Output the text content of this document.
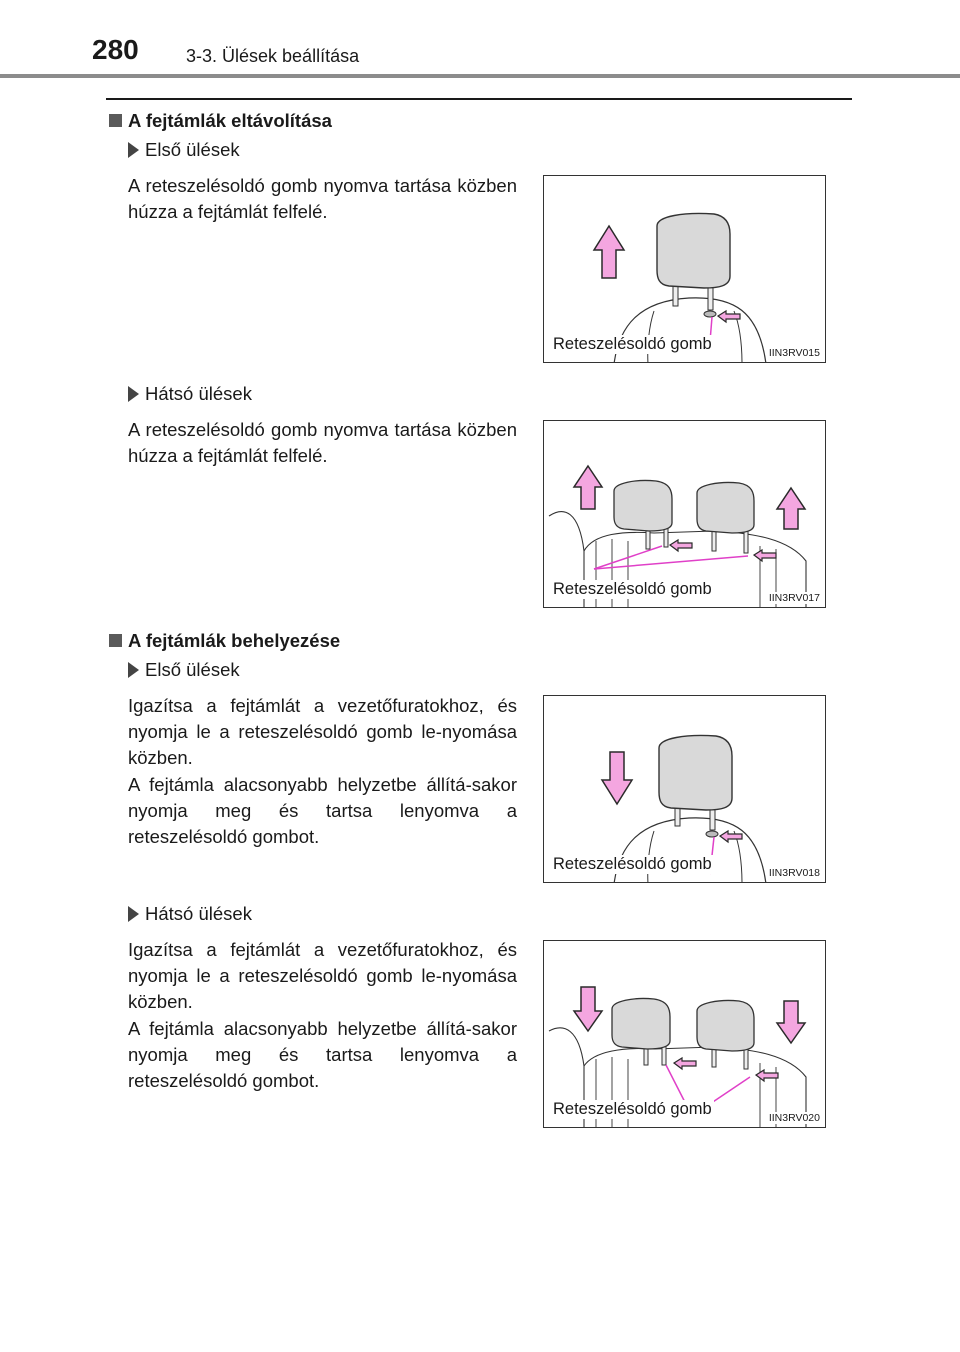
280	3-3. Ülések beállítása
A fejtámlák eltávolítása
Első ülések

A reteszelésoldó gomb nyomva tartása közben húzza a fejtámlát felfelé.

Reteszelésoldó gomb	IIN3RV015
Hátsó ülések

A reteszelésoldó gomb nyomva tartása közben húzza a fejtámlát felfelé.

Reteszelésoldó gomb	IIN3RV017
A fejtámlák behelyezése
Első ülések

Igazítsa a fejtámlát a vezetőfuratokhoz, és nyomja le a reteszelésoldó gomb le-nyomása közben.

A fejtámla alacsonyabb helyzetbe állítá-sakor nyomja meg és tartsa lenyomva a reteszelésoldó gombot.

Reteszelésoldó gomb	IIN3RV018
Hátsó ülések

Igazítsa a fejtámlát a vezetőfuratokhoz, és nyomja le a reteszelésoldó gomb le-nyomása közben.

A fejtámla alacsonyabb helyzetbe állítá-sakor nyomja meg és tartsa lenyomva a reteszelésoldó gombot.

Reteszelésoldó gomb	IIN3RV020
